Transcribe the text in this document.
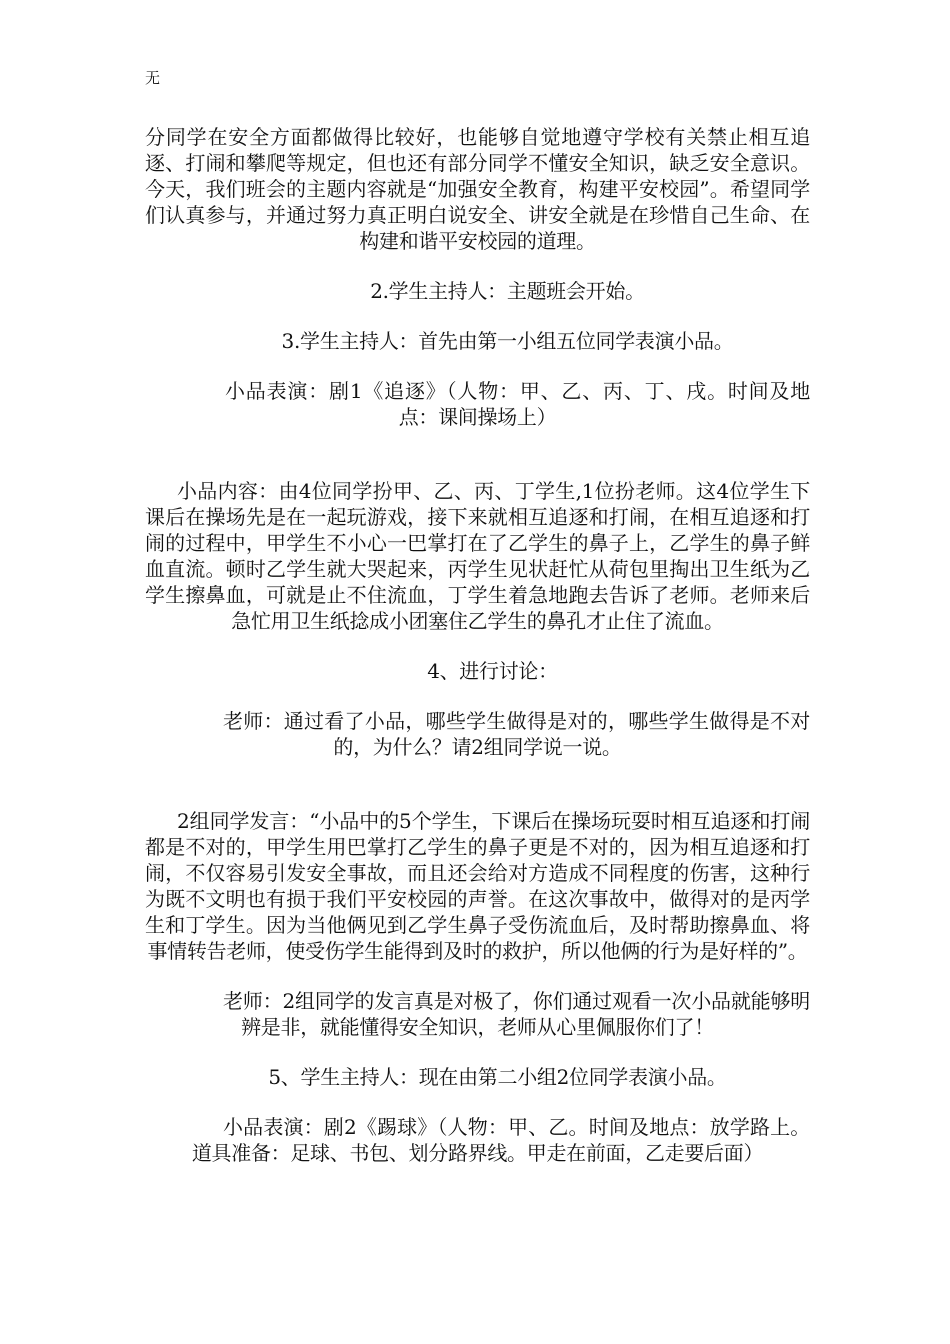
无

分同学在安全方面都做得比较好，也能够自觉地遵守学校有关禁止相互追逐、打闹和攀爬等规定，但也还有部分同学不懂安全知识，缺乏安全意识。今天，我们班会的主题内容就是“加强安全教育，构建平安校园”。希望同学们认真参与，并通过努力真正明白说安全、讲安全就是在珍惜自己生命、在构建和谐平安校园的道理。

2.学生主持人：主题班会开始。

3.学生主持人：首先由第一小组五位同学表演小品。

小品表演：剧1《追逐》（人物：甲、乙、丙、丁、戌。时间及地点：课间操场上）

小品内容：由4位同学扮甲、乙、丙、丁学生,1位扮老师。这4位学生下课后在操场先是在一起玩游戏，接下来就相互追逐和打闹，在相互追逐和打闹的过程中，甲学生不小心一巴掌打在了乙学生的鼻子上，乙学生的鼻子鲜血直流。顿时乙学生就大哭起来，丙学生见状赶忙从荷包里掏出卫生纸为乙学生擦鼻血，可就是止不住流血，丁学生着急地跑去告诉了老师。老师来后急忙用卫生纸捻成小团塞住乙学生的鼻孔才止住了流血。

4、进行讨论：

老师：通过看了小品，哪些学生做得是对的，哪些学生做得是不对的，为什么？请2组同学说一说。

2组同学发言：“小品中的5个学生，下课后在操场玩耍时相互追逐和打闹都是不对的，甲学生用巴掌打乙学生的鼻子更是不对的，因为相互追逐和打闹，不仅容易引发安全事故，而且还会给对方造成不同程度的伤害，这种行为既不文明也有损于我们平安校园的声誉。在这次事故中，做得对的是丙学生和丁学生。因为当他俩见到乙学生鼻子受伤流血后，及时帮助擦鼻血、将事情转告老师，使受伤学生能得到及时的救护，所以他俩的行为是好样的”。

老师：2组同学的发言真是对极了，你们通过观看一次小品就能够明辨是非，就能懂得安全知识，老师从心里佩服你们了！

5、学生主持人：现在由第二小组2位同学表演小品。

小品表演：剧2《踢球》（人物：甲、乙。时间及地点：放学路上。道具准备：足球、书包、划分路界线。甲走在前面，乙走要后面）
